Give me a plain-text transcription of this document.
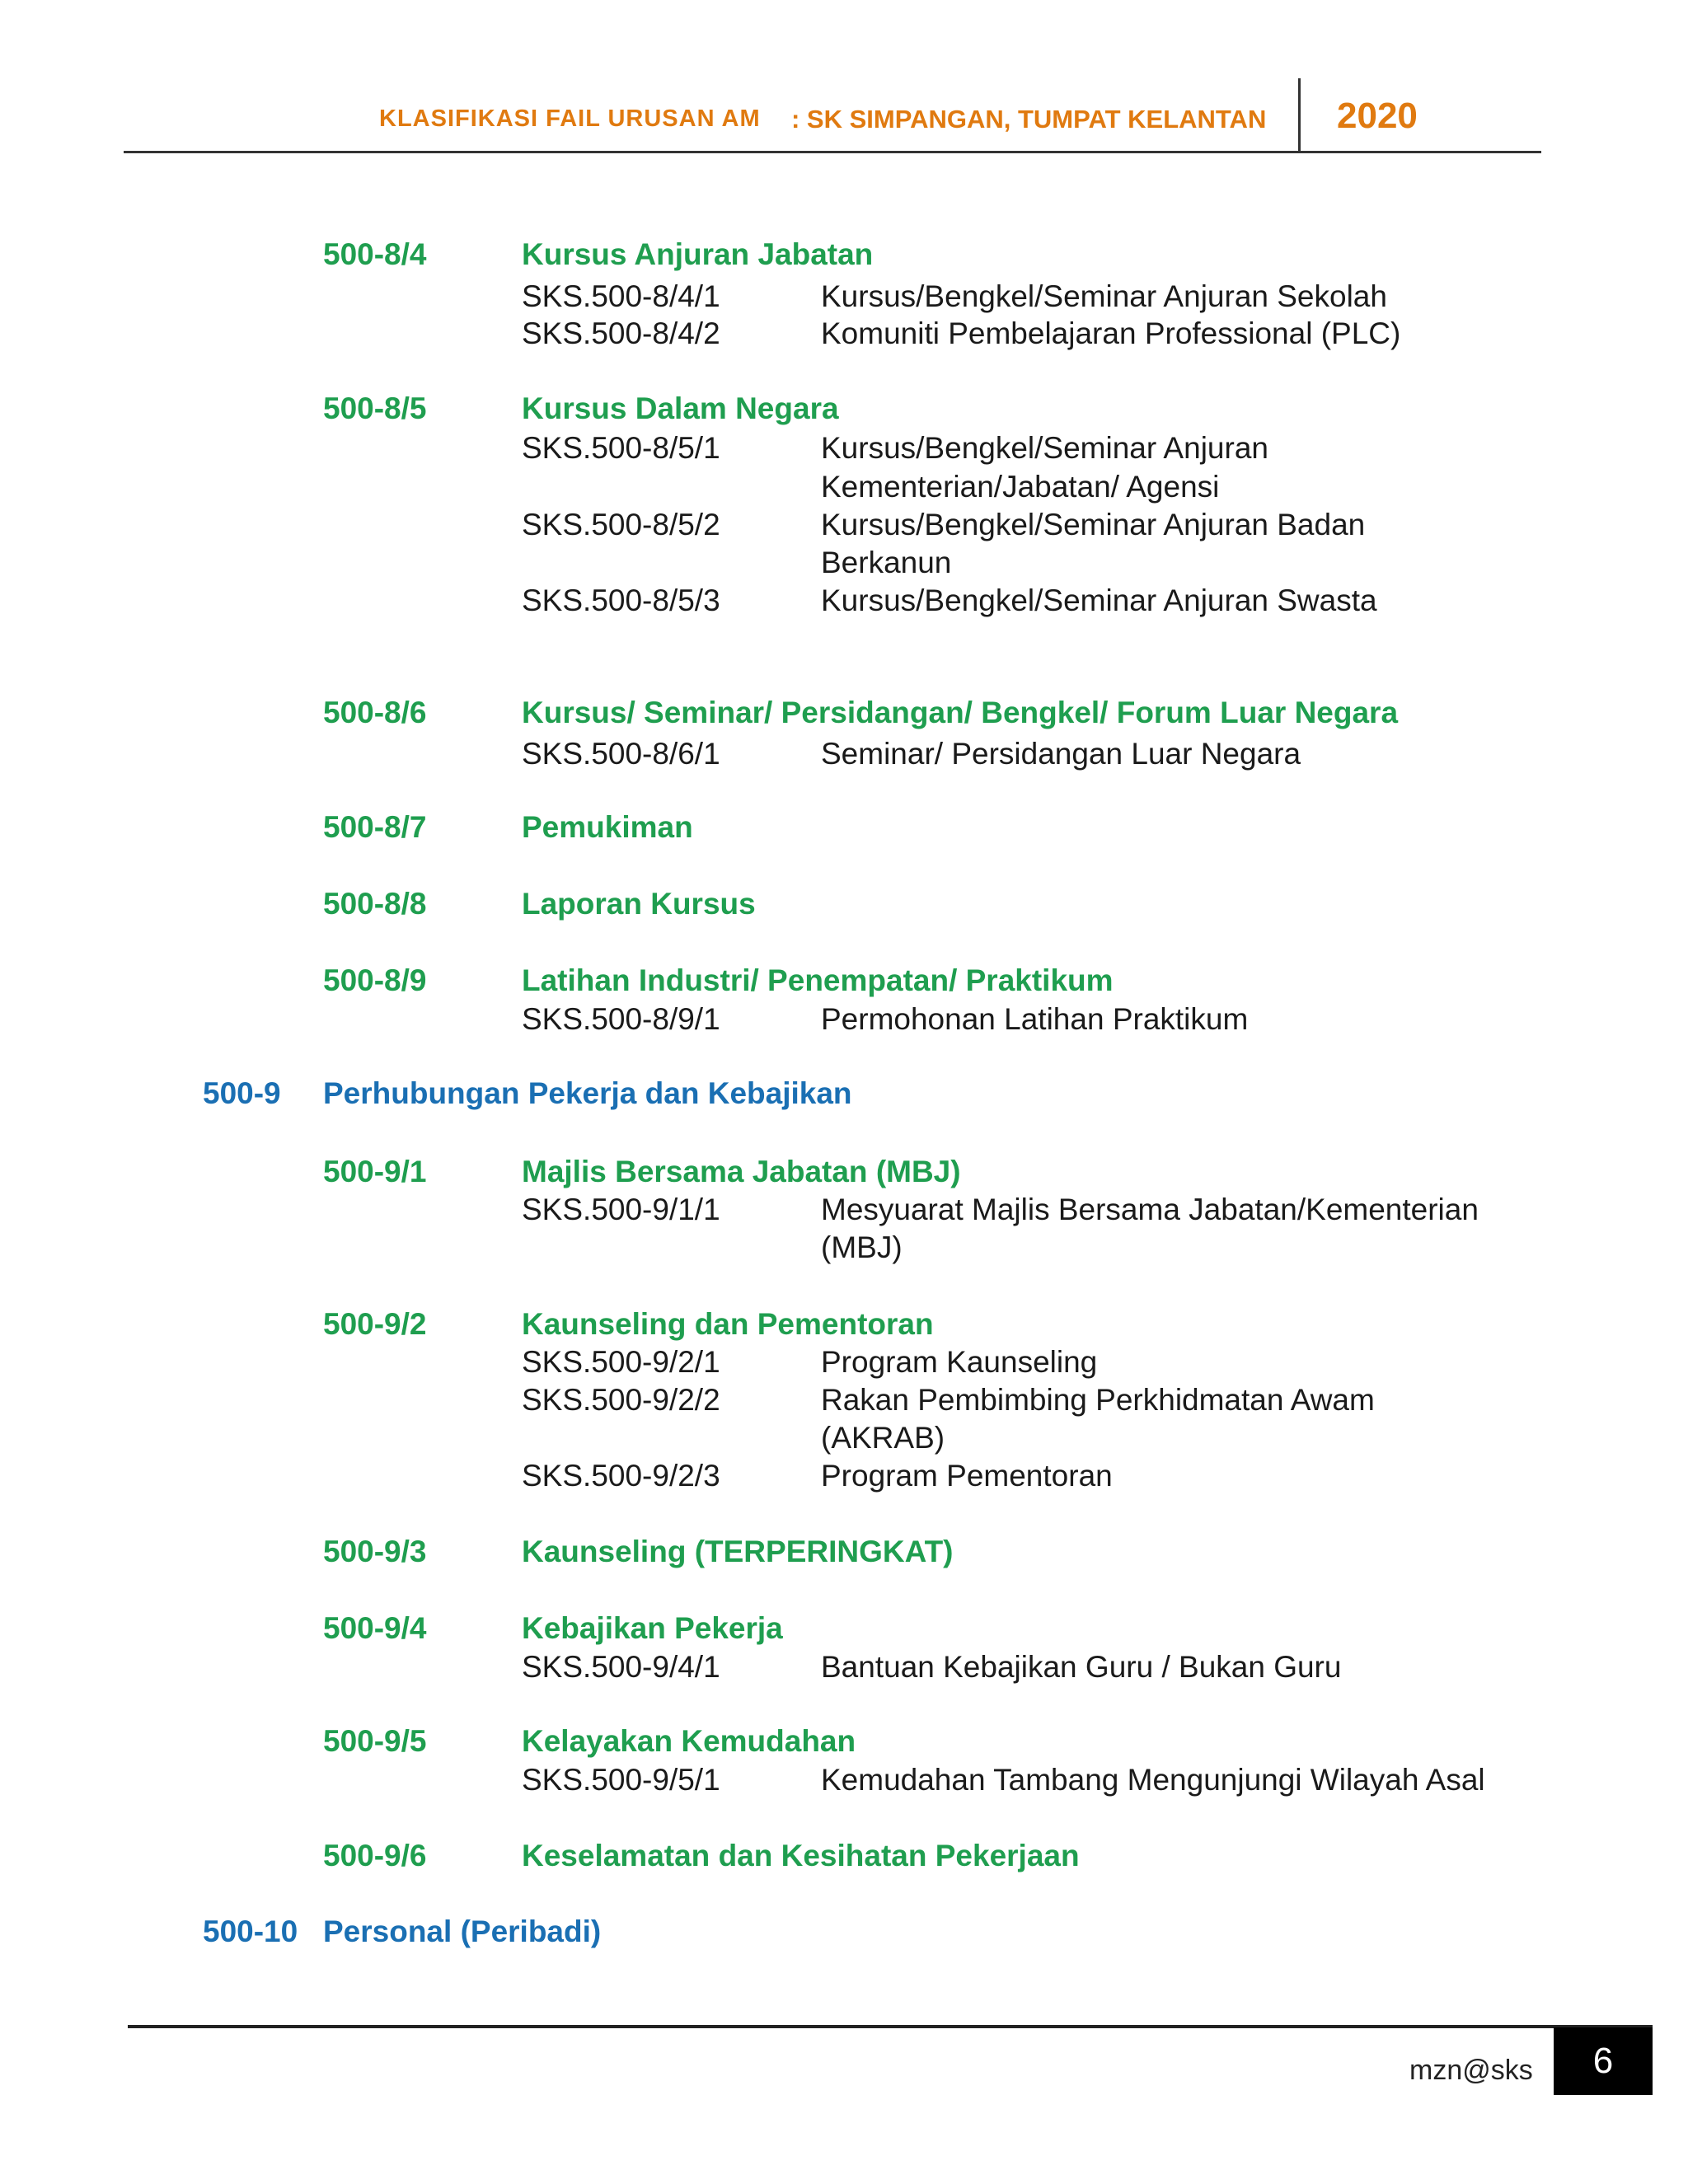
KLASIFIKASI FAIL URUSAN AM : SK SIMPANGAN, TUMPAT KELANTAN 2020
500-8/4	Kursus Anjuran Jabatan
SKS.500-8/4/1	Kursus/Bengkel/Seminar Anjuran Sekolah
SKS.500-8/4/2	Komuniti Pembelajaran Professional (PLC)
500-8/5	Kursus Dalam Negara
SKS.500-8/5/1	Kursus/Bengkel/Seminar Anjuran
Kementerian/Jabatan/ Agensi
SKS.500-8/5/2	Kursus/Bengkel/Seminar Anjuran Badan
Berkanun
SKS.500-8/5/3	Kursus/Bengkel/Seminar Anjuran Swasta
500-8/6	Kursus/ Seminar/ Persidangan/ Bengkel/ Forum Luar Negara
SKS.500-8/6/1	Seminar/ Persidangan Luar Negara
500-8/7	Pemukiman
500-8/8	Laporan Kursus
500-8/9	Latihan Industri/ Penempatan/ Praktikum
SKS.500-8/9/1	Permohonan Latihan Praktikum
500-9 Perhubungan Pekerja dan Kebajikan
500-9/1	Majlis Bersama Jabatan (MBJ)
SKS.500-9/1/1	Mesyuarat Majlis Bersama Jabatan/Kementerian
(MBJ)
500-9/2	Kaunseling dan Pementoran
SKS.500-9/2/1	Program Kaunseling
SKS.500-9/2/2	Rakan Pembimbing Perkhidmatan Awam
(AKRAB)
SKS.500-9/2/3	Program Pementoran
500-9/3	Kaunseling (TERPERINGKAT)
500-9/4	Kebajikan Pekerja
SKS.500-9/4/1	Bantuan Kebajikan Guru / Bukan Guru
500-9/5	Kelayakan Kemudahan
SKS.500-9/5/1	Kemudahan Tambang Mengunjungi Wilayah Asal
500-9/6	Keselamatan dan Kesihatan Pekerjaan
500-10 Personal (Peribadi)
mzn@sks	6
